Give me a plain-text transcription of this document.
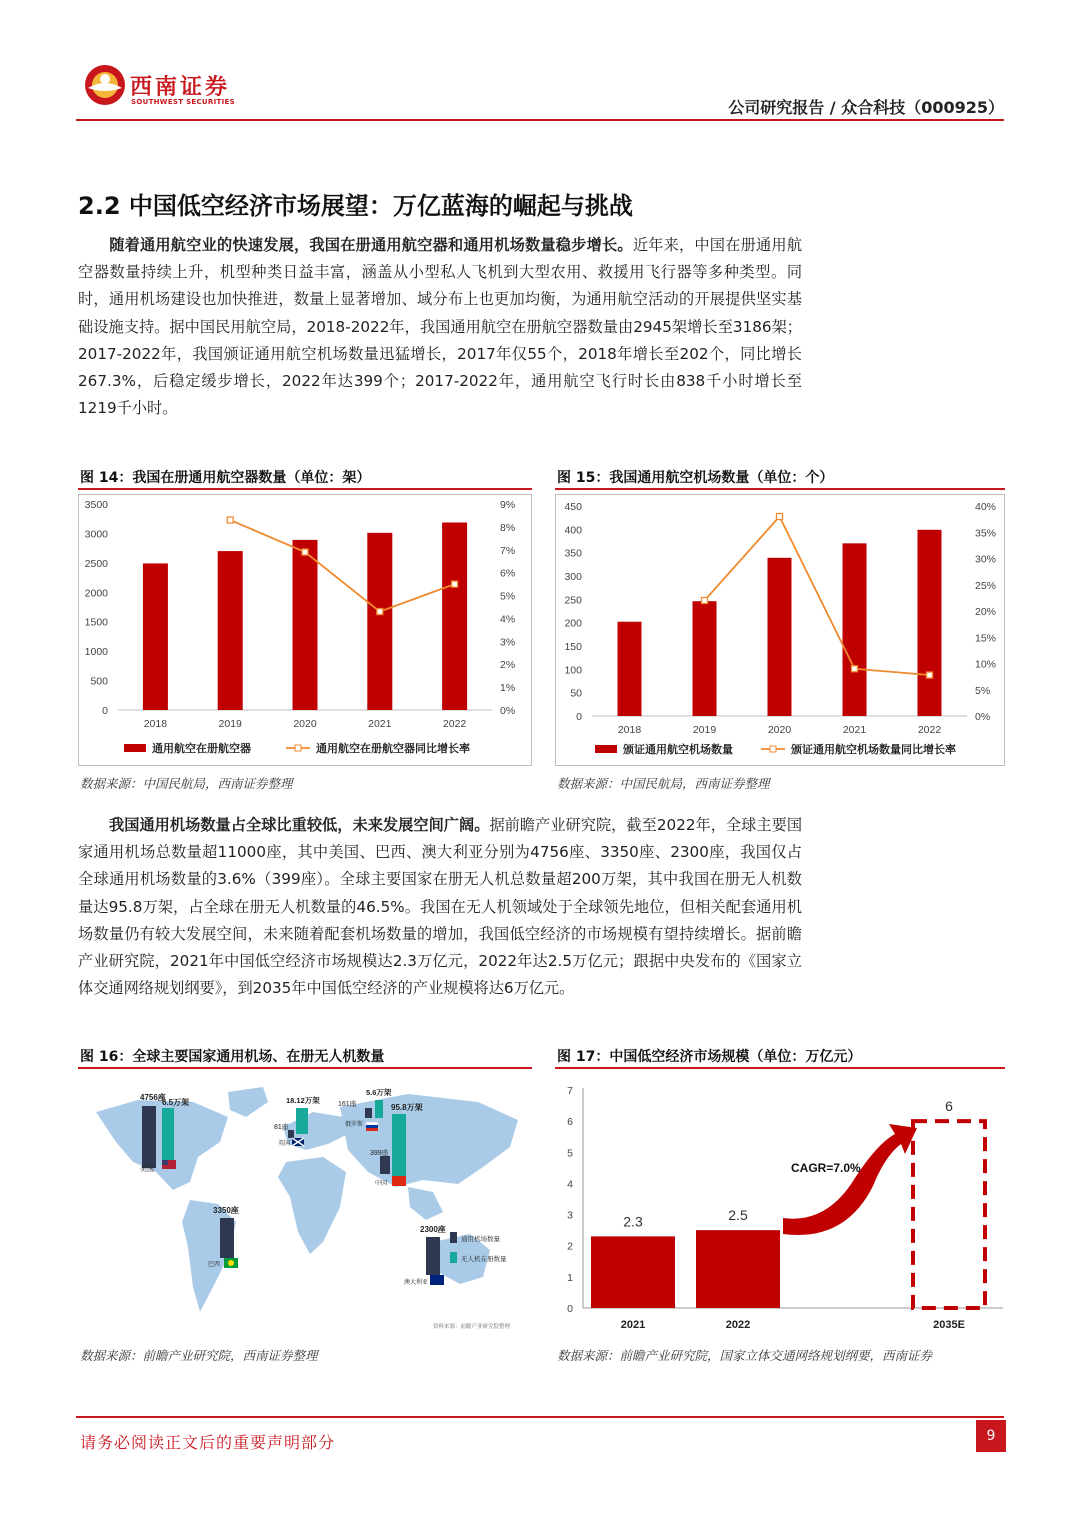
西南证券
SOUTHWEST SECURITIES	公司研究报告 / 众合科技（000925）
2.2 中国低空经济市场展望：万亿蓝海的崛起与挑战
随着通用航空业的快速发展，我国在册通用航空器和通用机场数量稳步增长。近年来，中国在册通用航空器数量持续上升，机型种类日益丰富，涵盖从小型私人飞机到大型农用、救援用飞行器等多种类型。同时，通用机场建设也加快推进，数量上显著增加、域分布上也更加均衡，为通用航空活动的开展提供坚实基础设施支持。据中国民用航空局，2018-2022年，我国通用航空在册航空器数量由2945架增长至3186架；2017-2022年，我国颁证通用航空机场数量迅猛增长，2017年仅55个，2018年增长至202个，同比增长267.3%，后稳定缓步增长，2022年达399个；2017-2022年，通用航空飞行时长由838千小时增长至1219千小时。
图 14：我国在册通用航空器数量（单位：架）
0
500
1000
1500
2000
2500
3000
3500
0%
1%
2%
3%
4%
5%
6%
7%
8%
9%
2018	2019	2020	2021	2022
通用航空在册航空器	通用航空在册航空器同比增长率
数据来源：中国民航局，西南证券整理
图 15：我国通用航空机场数量（单位：个）
0
50
100
150
200
250
300
350
400
450
0%
5%
10%
15%
20%
25%
30%
35%
40%
2018	2019	2020	2021	2022
颁证通用航空机场数量	颁证通用航空机场数量同比增长率
数据来源：中国民航局，西南证券整理
我国通用机场数量占全球比重较低，未来发展空间广阔。据前瞻产业研究院，截至2022年，全球主要国家通用机场总数量超11000座，其中美国、巴西、澳大利亚分别为4756座、3350座、2300座，我国仅占全球通用机场数量的3.6%（399座）。全球主要国家在册无人机总数量超200万架，其中我国在册无人机数量达95.8万架，占全球在册无人机数量的46.5%。我国在无人机领域处于全球领先地位，但相关配套通用机场数量仍有较大发展空间，未来随着配套机场数量的增加，我国低空经济的市场规模有望持续增长。据前瞻产业研究院，2021年中国低空经济市场规模达2.3万亿元，2022年达2.5万亿元；跟据中央发布的《国家立体交通网络规划纲要》，到2035年中国低空经济的产业规模将达6万亿元。
图 16：全球主要国家通用机场、在册无人机数量
4756座
6.5万架
美国
18.12万架
81座
英国
161座
5.6万架
俄罗斯
95.8万架
399座
中国
3350座
巴西
2300座
澳大利亚
通用机场数量
无人机在册数量
资料来源：前瞻产业研究院整理
数据来源：前瞻产业研究院，西南证券整理
图 17：中国低空经济市场规模（单位：万亿元）
0
1
2
3
4
5
6
7
2.3
2021
2.5
2022
6
2035E
CAGR=7.0%
数据来源：前瞻产业研究院，国家立体交通网络规划纲要，西南证券
请务必阅读正文后的重要声明部分	9
